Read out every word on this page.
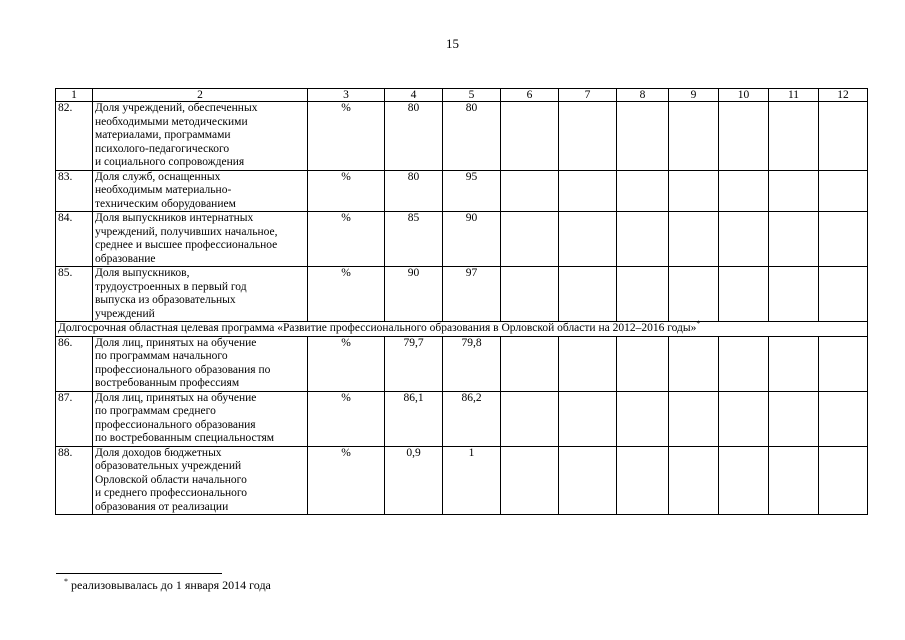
15
1	2	3	4	5	6	7	8	9	10	11	12
82.	Доля учреждений, обеспеченных
необходимыми методическими
материалами, программами
психолого-педагогического
и социального сопровождения	%	80	80							
83.	Доля служб, оснащенных
необходимым материально-
техническим оборудованием	%	80	95							
84.	Доля выпускников интернатных
учреждений, получивших начальное,
среднее и высшее профессиональное
образование	%	85	90							
85.	Доля выпускников,
трудоустроенных в первый год
выпуска из образовательных
учреждений	%	90	97							
Долгосрочная областная целевая программа «Развитие профессионального образования в Орловской области на 2012–2016 годы»*
86.	Доля лиц, принятых на обучение
по программам начального
профессионального образования по
востребованным профессиям	%	79,7	79,8							
87.	Доля лиц, принятых на обучение
по программам среднего
профессионального образования
по востребованным специальностям	%	86,1	86,2							
88.	Доля доходов бюджетных
образовательных учреждений
Орловской области начального
и среднего профессионального
образования от реализации	%	0,9	1							
* реализовывалась до 1 января 2014 года
